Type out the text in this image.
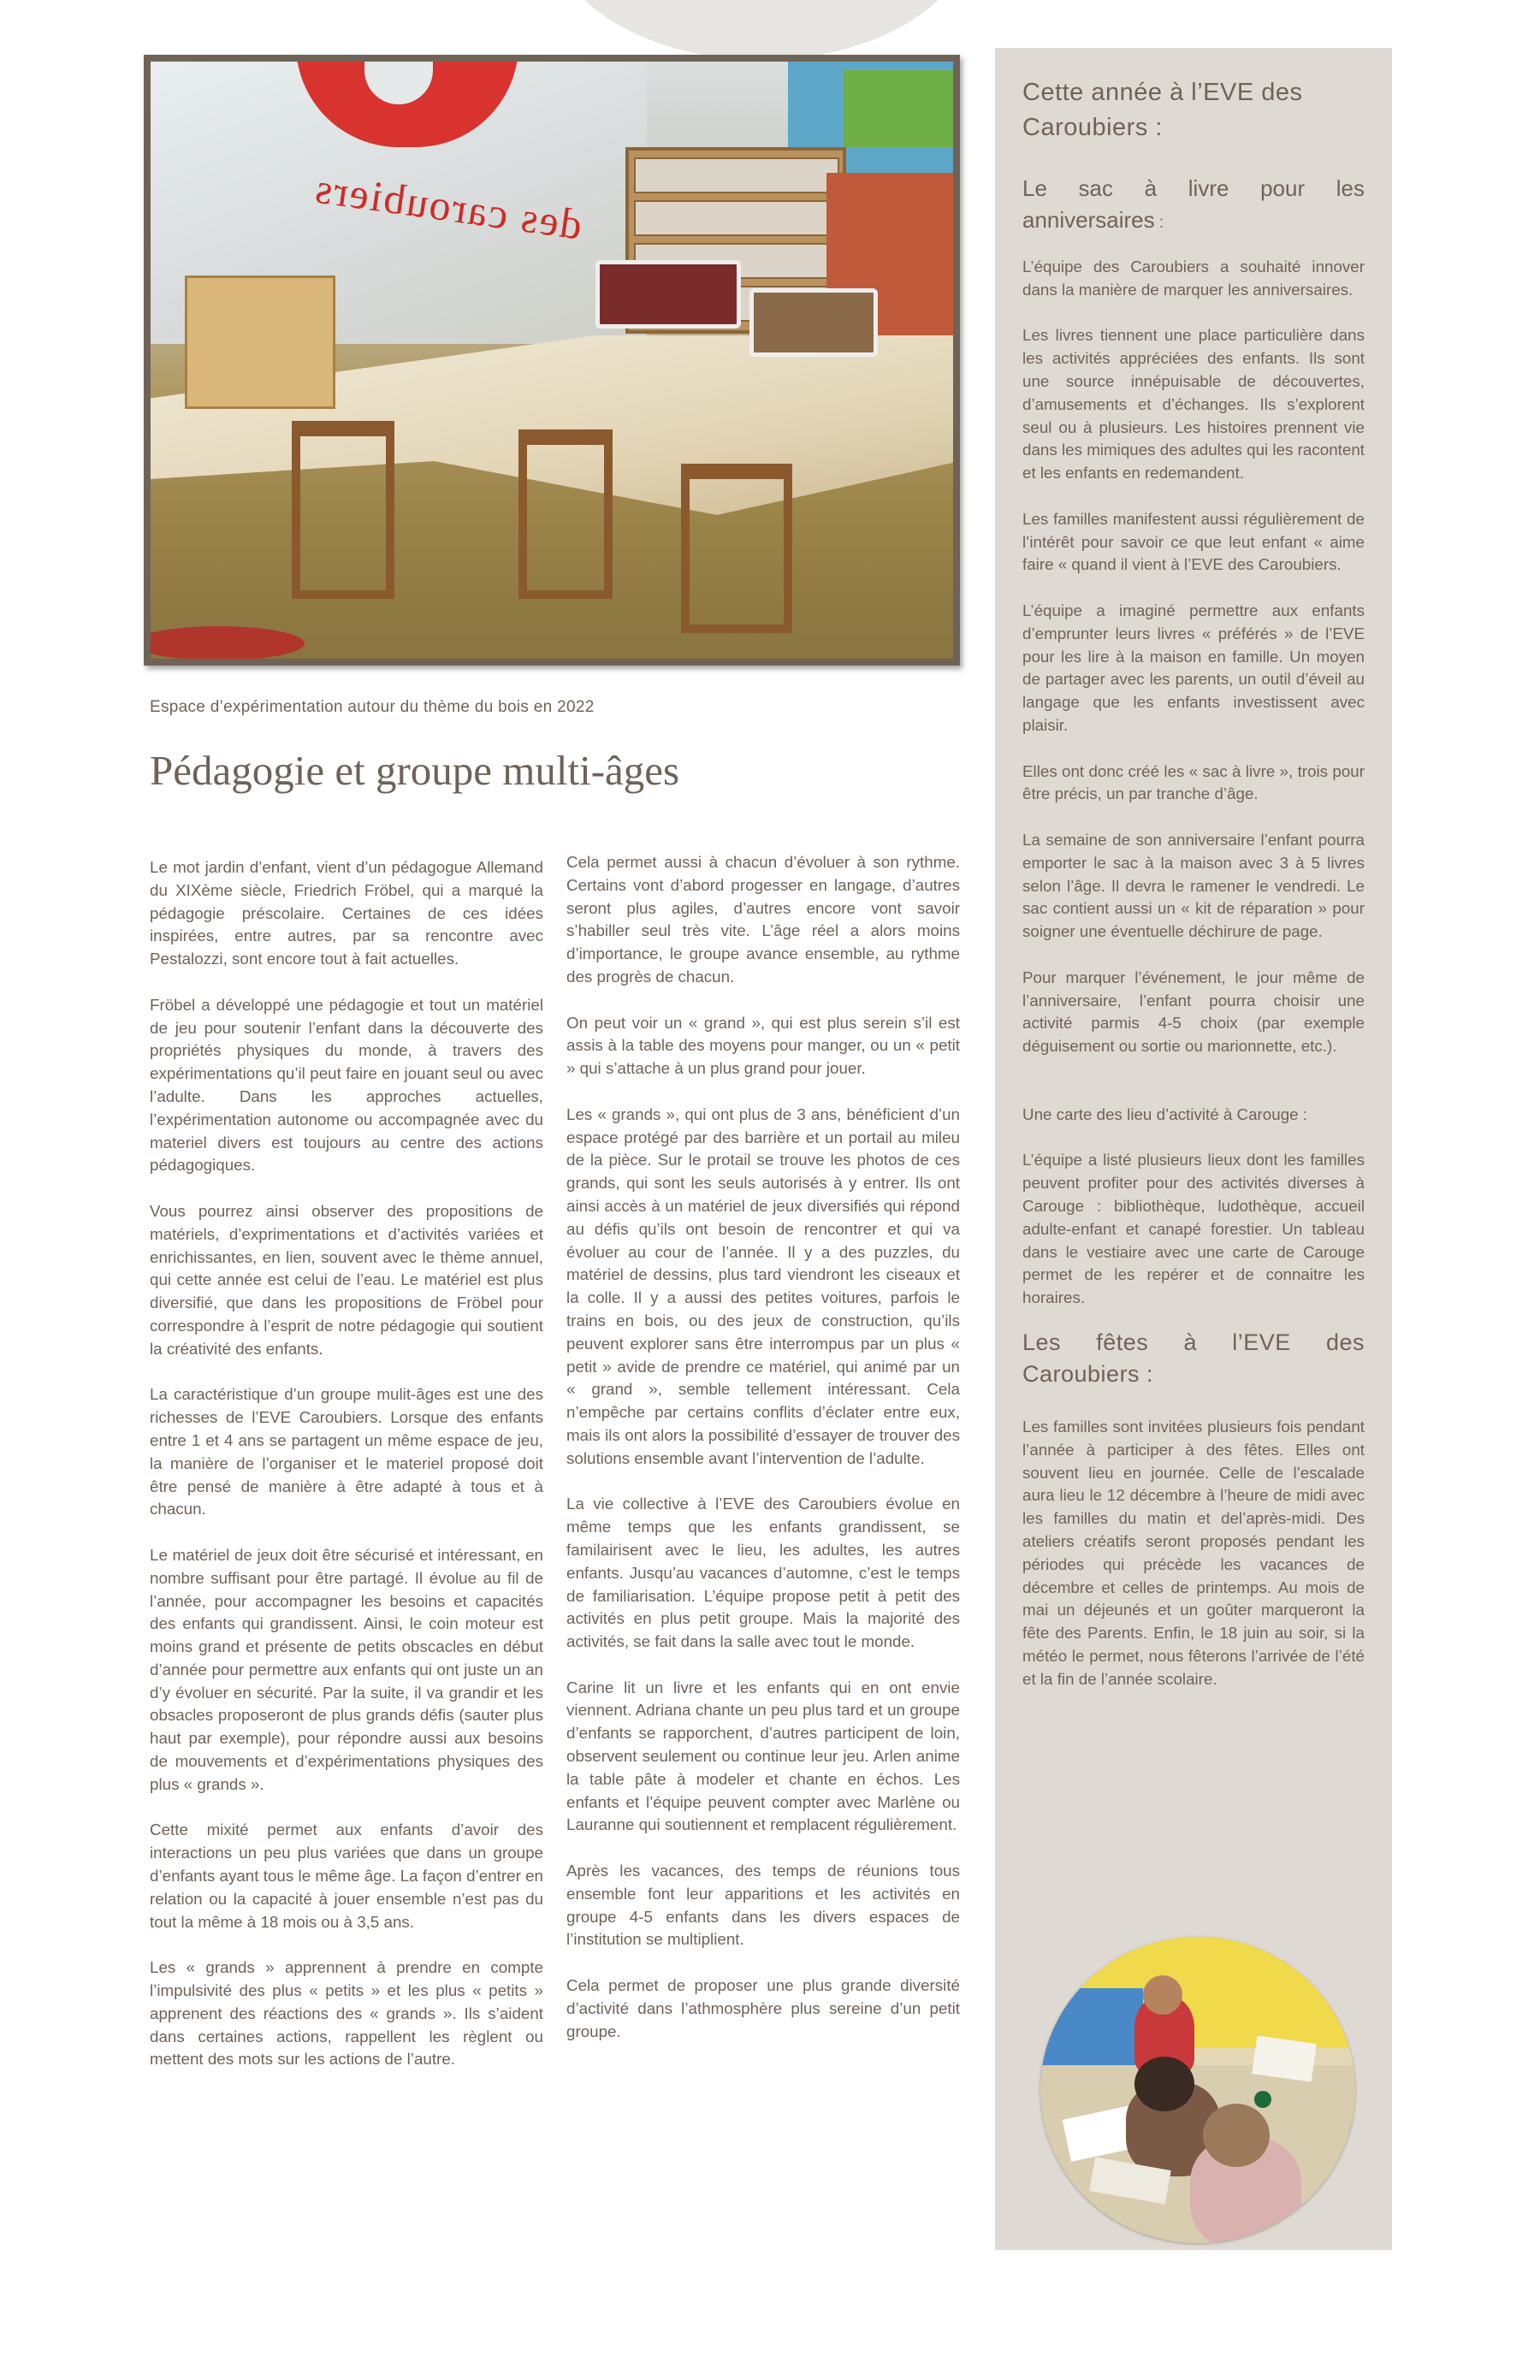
des caroubiers
Espace d’expérimentation autour du thème du bois en 2022
Pédagogie et groupe multi-âges

Le mot jardin d’enfant, vient d’un pédagogue Allemand du XIXème siècle, Friedrich Fröbel, qui a marqué la pédagogie préscolaire. Certaines de ces idées inspirées, entre autres, par sa rencontre avec Pestalozzi, sont encore tout à fait actuelles.

Fröbel a développé une pédagogie et tout un matériel de jeu pour soutenir l’enfant dans la découverte des propriétés physiques du monde, à travers des expérimentations qu’il peut faire en jouant seul ou avec l’adulte. Dans les approches actuelles, l’expérimentation autonome ou accompagnée avec du materiel divers est toujours au centre des actions pédagogiques.

Vous pourrez ainsi observer des propositions de matériels, d’exprimentations et d’activités variées et enrichissantes, en lien, souvent avec le thème annuel, qui cette année est celui de l’eau. Le matériel est plus diversifié, que dans les propositions de Fröbel pour correspondre à l’esprit de notre pédagogie qui soutient la créativité des enfants.

La caractéristique d’un groupe mulit-âges est une des richesses de l’EVE Caroubiers. Lorsque des enfants entre 1 et 4 ans se partagent un même espace de jeu, la manière de l’organiser et le materiel proposé doit être pensé de manière à être adapté à tous et à chacun.

Le matériel de jeux doit être sécurisé et intéressant, en nombre suffisant pour être partagé. Il évolue au fil de l’année, pour accompagner les besoins et capacités des enfants qui grandissent. Ainsi, le coin moteur est moins grand et présente de petits obscacles en début d’année pour permettre aux enfants qui ont juste un an d’y évoluer en sécurité. Par la suite, il va grandir et les obsacles proposeront de plus grands défis (sauter plus haut par exemple), pour répondre aussi aux besoins de mouvements et d’expérimentations physiques des plus « grands ».

Cette mixité permet aux enfants d’avoir des interactions un peu plus variées que dans un groupe d’enfants ayant tous le même âge. La façon d’entrer en relation ou la capacité à jouer ensemble n’est pas du tout la même à 18 mois ou à 3,5 ans.

Les « grands » apprennent à prendre en compte l’impulsivité des plus « petits » et les plus « petits » apprenent des réactions des « grands ». Ils s’aident dans certaines actions, rappellent les règlent ou mettent des mots sur les actions de l’autre.

Cela permet aussi à chacun d’évoluer à son rythme. Certains vont d’abord progesser en langage, d’autres seront plus agiles, d’autres encore vont savoir s’habiller seul très vite. L’âge réel a alors moins d’importance, le groupe avance ensemble, au rythme des progrès de chacun.

On peut voir un « grand », qui est plus serein s’il est assis à la table des moyens pour manger, ou un « petit » qui s’attache à un plus grand pour jouer.

Les « grands », qui ont plus de 3 ans, bénéficient d’un espace protégé par des barrière et un portail au mileu de la pièce. Sur le protail se trouve les photos de ces grands, qui sont les seuls autorisés à y entrer. Ils ont ainsi accès à un matériel de jeux diversifiés qui répond au défis qu’ils ont besoin de rencontrer et qui va évoluer au cour de l’année. Il y a des puzzles, du matériel de dessins, plus tard viendront les ciseaux et la colle. Il y a aussi des petites voitures, parfois le trains en bois, ou des jeux de construction, qu’ils peuvent explorer sans être interrompus par un plus « petit » avide de prendre ce matériel, qui animé par un « grand », semble tellement intéressant. Cela n’empêche par certains conflits d’éclater entre eux, mais ils ont alors la possibilité d’essayer de trouver des solutions ensemble avant l’intervention de l’adulte.

La vie collective à l’EVE des Caroubiers évolue en même temps que les enfants grandissent, se familairisent avec le lieu, les adultes, les autres enfants. Jusqu’au vacances d’automne, c’est le temps de familiarisation. L’équipe propose petit à petit des activités en plus petit groupe. Mais la majorité des activités, se fait dans la salle avec tout le monde.

Carine lit un livre et les enfants qui en ont envie viennent. Adriana chante un peu plus tard et un groupe d’enfants se rapporchent, d’autres participent de loin, observent seulement ou continue leur jeu. Arlen anime la table pâte à modeler et chante en échos. Les enfants et l’équipe peuvent compter avec Marlène ou Lauranne qui soutiennent et remplacent régulièrement.

Après les vacances, des temps de réunions tous ensemble font leur apparitions et les activités en groupe 4-5 enfants dans les divers espaces de l’institution se multiplient.

Cela permet de proposer une plus grande diversité d’activité dans l’athmosphère plus sereine d’un petit groupe.

Cette année à l’EVE des Caroubiers :

Le sac à livre pour les anniversaires :

L’équipe des Caroubiers a souhaité innover dans la manière de marquer les anniversaires.

Les livres tiennent une place particulière dans les activités appréciées des enfants. Ils sont une source innépuisable de découvertes, d’amusements et d’échanges. Ils s’explorent seul ou à plusieurs. Les histoires prennent vie dans les mimiques des adultes qui les racontent et les enfants en redemandent.

Les familles manifestent aussi régulièrement de l’intérêt pour savoir ce que leut enfant « aime faire « quand il vient à l’EVE des Caroubiers.

L’équipe a imaginé permettre aux enfants d’emprunter leurs livres « préférés » de l’EVE pour les lire à la maison en famille. Un moyen de partager avec les parents, un outil d’éveil au langage que les enfants investissent avec plaisir.

Elles ont donc créé les « sac à livre », trois pour être précis, un par tranche d’âge.

La semaine de son anniversaire l’enfant pourra emporter le sac à la maison avec 3 à 5 livres selon l’âge. Il devra le ramener le vendredi. Le sac contient aussi un « kit de réparation » pour soigner une éventuelle déchirure de page.

Pour marquer l’événement, le jour même de l’anniversaire, l’enfant pourra choisir une activité parmis 4-5 choix (par exemple déguisement ou sortie ou marionnette, etc.).

Une carte des lieu d’activité à Carouge :

L’équipe a listé plusieurs lieux dont les familles peuvent profiter pour des activités diverses à Carouge : bibliothèque, ludothèque, accueil adulte-enfant et canapé forestier. Un tableau dans le vestiaire avec une carte de Carouge permet de les repérer et de connaitre les horaires.

Les fêtes à l’EVE des Caroubiers :

Les familles sont invitées plusieurs fois pendant l’année à participer à des fêtes. Elles ont souvent lieu en journée. Celle de l’escalade aura lieu le 12 décembre à l’heure de midi avec les familles du matin et del’après-midi. Des ateliers créatifs seront proposés pendant les périodes qui précède les vacances de décembre et celles de printemps. Au mois de mai un déjeunés et un goûter marqueront la fête des Parents. Enfin, le 18 juin au soir, si la météo le permet, nous fêterons l’arrivée de l’été et la fin de l’année scolaire.
